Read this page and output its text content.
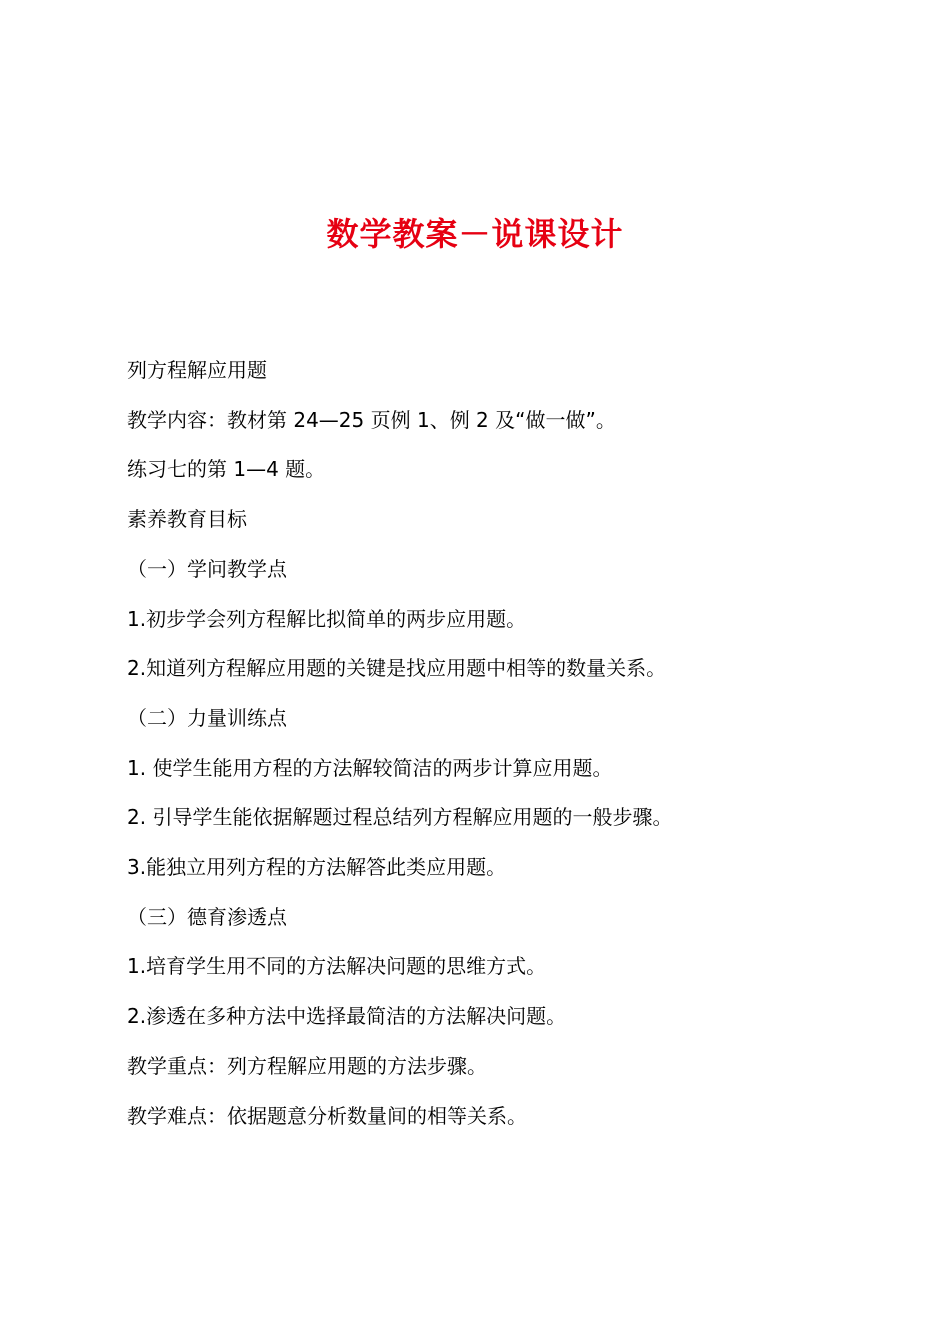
数学教案－说课设计

列方程解应用题

教学内容：教材第 24—25 页例 1、例 2 及“做一做”。

练习七的第 1—4 题。

素养教育目标

（一）学问教学点

1.初步学会列方程解比拟简单的两步应用题。

2.知道列方程解应用题的关键是找应用题中相等的数量关系。

（二）力量训练点

1. 使学生能用方程的方法解较简洁的两步计算应用题。

2. 引导学生能依据解题过程总结列方程解应用题的一般步骤。

3.能独立用列方程的方法解答此类应用题。

（三）德育渗透点

1.培育学生用不同的方法解决问题的思维方式。

2.渗透在多种方法中选择最简洁的方法解决问题。

教学重点：列方程解应用题的方法步骤。

教学难点：依据题意分析数量间的相等关系。
